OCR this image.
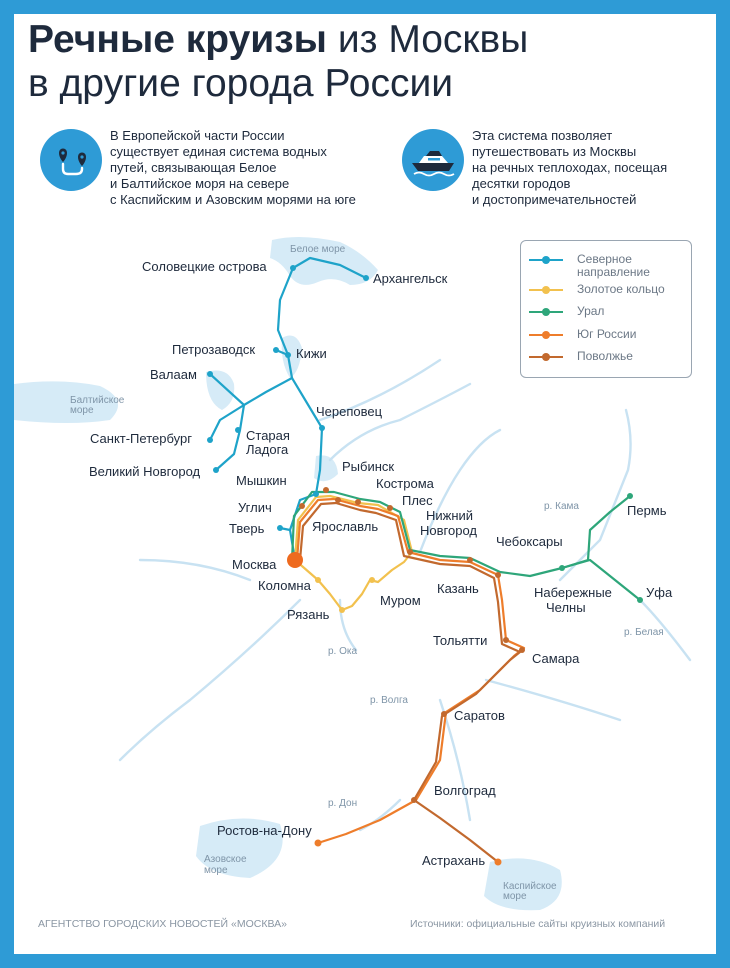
Речные круизы из Москвы
в другие города России
В Европейской части России
существует единая система водных
путей, связывающая Белое
и Балтийское моря на севере
с Каспийским и Азовским морями на юге
Эта система позволяет
путешествовать из Москвы
на речных теплоходах, посещая
десятки городов
и достопримечательностей
Белое море
Балтийское
море
Азовское
море
Каспийское
море
р. Кама
р. Белая
р. Ока
р. Волга
р. Дон
Соловецкие острова
Архангельск
Петрозаводск	Кижи
Валаам
Череповец
Санкт-Петербург	Старая
Ладога
Великий Новгород	Рыбинск
Мышкин	Кострома
Плес
Углич
Ярославль
Нижний
Новгород
Тверь
Чебоксары
Пермь
Москва
Коломна	Казань	Набережные
Челны
Уфа
Муром
Рязань
Тольятти
Самара
Саратов
Волгоград
Ростов-на-Дону
Астрахань
Северное
направление
Золотое кольцо
Урал
Юг России
Поволжье
АГЕНТСТВО ГОРОДСКИХ НОВОСТЕЙ «МОСКВА»	Источники: официальные сайты круизных компаний
